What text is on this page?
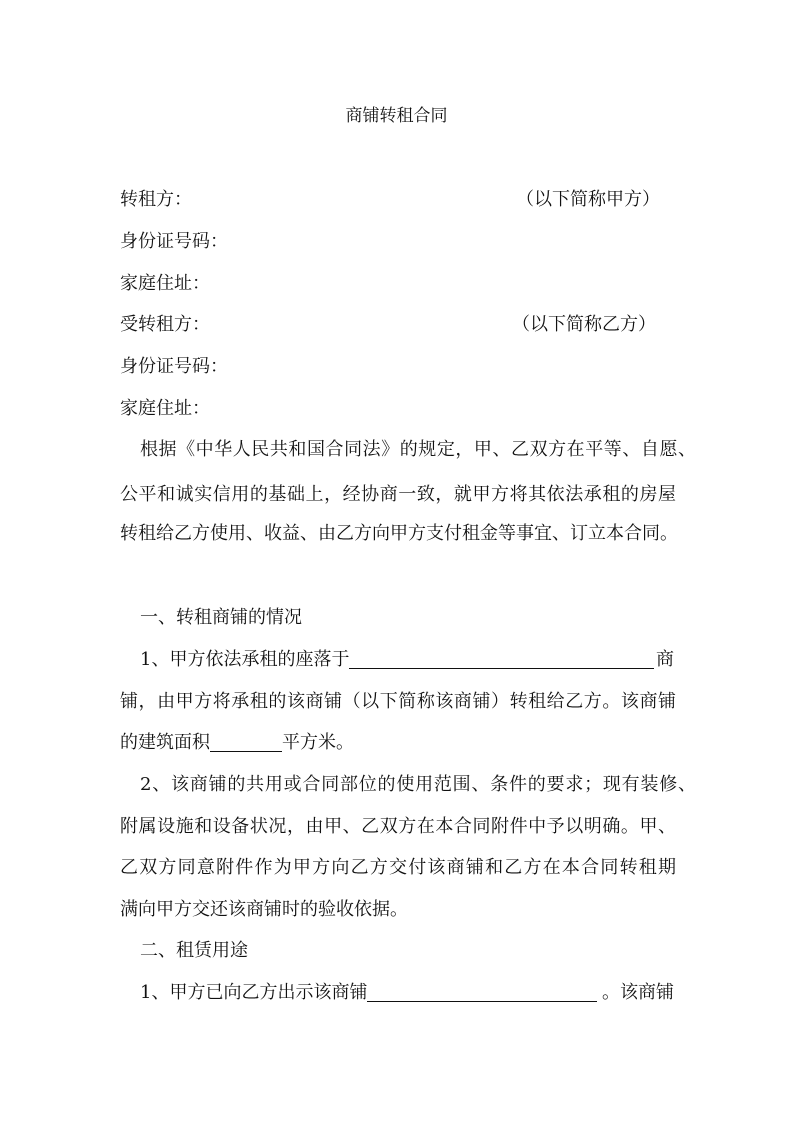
商铺转租合同
转租方：	（以下简称甲方）
身份证号码：
家庭住址：
受转租方：	（以下简称乙方）
身份证号码：
家庭住址：
根据《中华人民共和国合同法》的规定，甲、乙双方在平等、自愿、
公平和诚实信用的基础上，经协商一致，就甲方将其依法承租的房屋
转租给乙方使用、收益、由乙方向甲方支付租金等事宜、订立本合同。
一、转租商铺的情况
1、甲方依法承租的座落于	商
铺，由甲方将承租的该商铺（以下简称该商铺）转租给乙方。该商铺
的建筑面积	平方米。
2、该商铺的共用或合同部位的使用范围、条件的要求；现有装修、
附属设施和设备状况，由甲、乙双方在本合同附件中予以明确。甲、
乙双方同意附件作为甲方向乙方交付该商铺和乙方在本合同转租期
满向甲方交还该商铺时的验收依据。
二、租赁用途
1、甲方已向乙方出示该商铺	。该商铺
